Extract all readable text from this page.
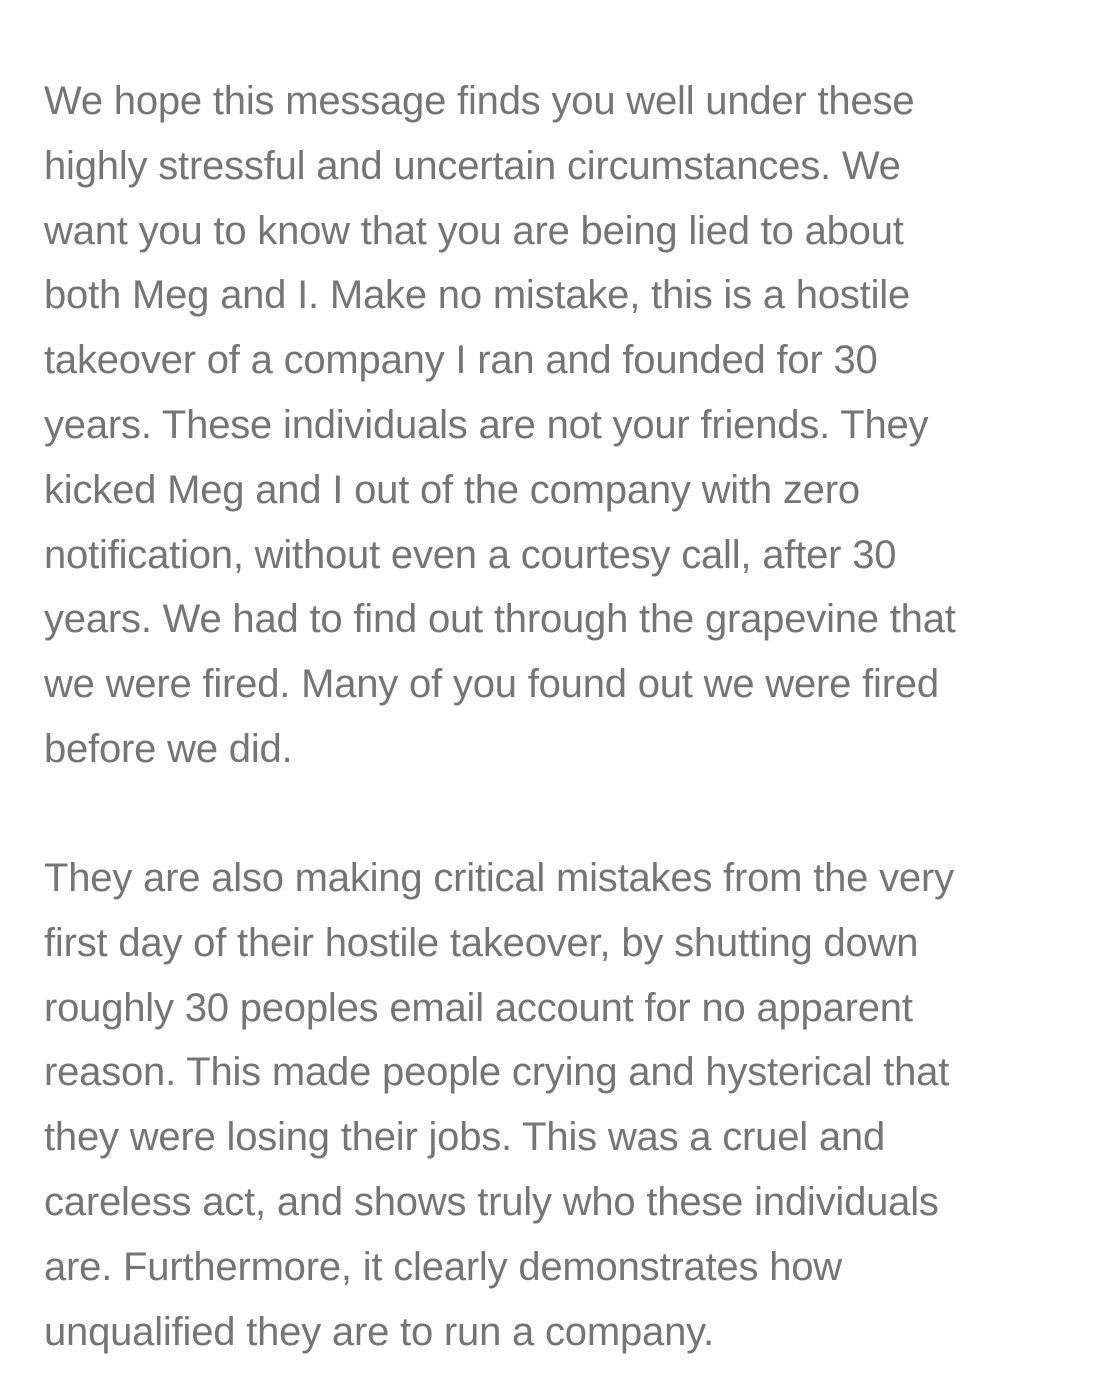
We hope this message finds you well under these
highly stressful and uncertain circumstances. We
want you to know that you are being lied to about
both Meg and I. Make no mistake, this is a hostile
takeover of a company I ran and founded for 30
years. These individuals are not your friends. They
kicked Meg and I out of the company with zero
notification, without even a courtesy call, after 30
years. We had to find out through the grapevine that
we were fired. Many of you found out we were fired
before we did.

They are also making critical mistakes from the very
first day of their hostile takeover, by shutting down
roughly 30 peoples email account for no apparent
reason. This made people crying and hysterical that
they were losing their jobs. This was a cruel and
careless act, and shows truly who these individuals
are. Furthermore, it clearly demonstrates how
unqualified they are to run a company.
